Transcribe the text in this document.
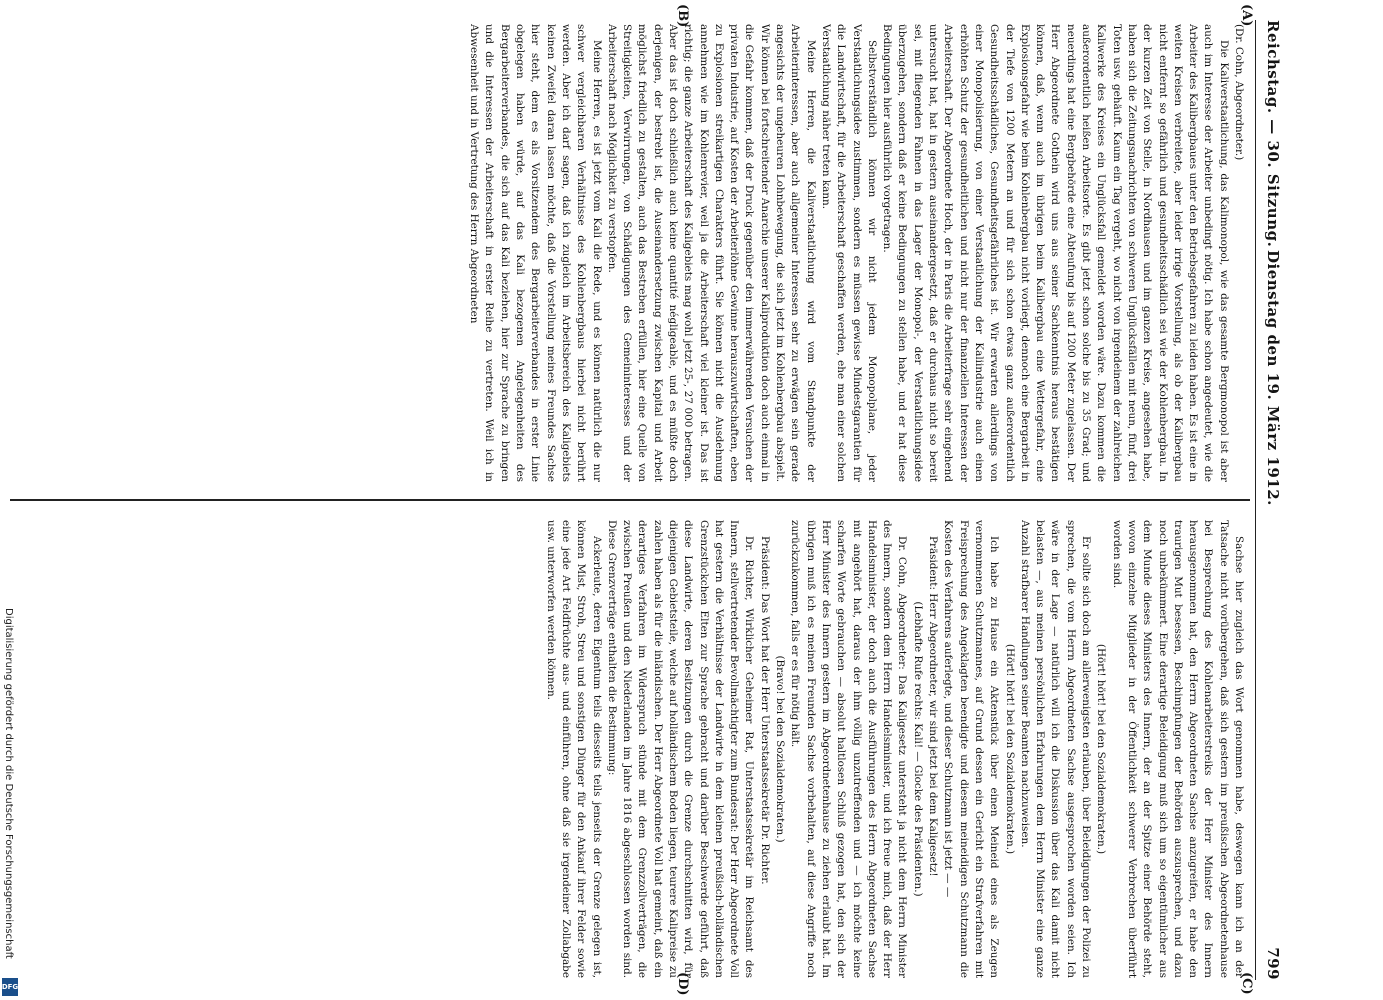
Reichstag. — 30. Sitzung.
Dienstag den 19. März 1912.
799

(Dr. Cohn, Abgeordneter.)

Die Kaliverstaatlichung, das Kalimonopol, wie das gesamte Bergmonopol ist aber auch im Interesse der Arbeiter unbedingt nötig. Ich habe schon angedeutet, wie die Arbeiter des Kalibergbaues unter den Betriebsgefahren zu leiden haben. Es ist eine in weiten Kreisen verbreitete, aber leider irrige Vorstellung, als ob der Kalibergbau nicht entfernt so gefährlich und gesundheitsschädlich sei wie der Kohlenbergbau. In der kurzen Zeit von Stelle, in Nordhausen und im ganzen Kreise, angesehen habe, haben sich die Zeitungsnachrichten von schweren Unglücksfällen mit neun, fünf, drei Toten usw. gehäuft. Kaum ein Tag vergeht, wo nicht von irgendeinem der zahlreichen Kaliwerke des Kreises ein Unglücksfall gemeldet worden wäre. Dazu kommen die außerordentlich heißen Arbeitsorte. Es gibt jetzt schon solche bis zu 35 Grad; und neuerdings hat eine Bergbehörde eine Abteufung bis auf 1200 Meter zugelassen. Der Herr Abgeordnete Gothein wird uns aus seiner Sachkenntnis heraus bestätigen können, daß, wenn auch im übrigen beim Kalibergbau eine Wettergefahr, eine Explosionsgefahr wie beim Kohlenbergbau nicht vorliegt, dennoch eine Bergarbeit in der Tiefe von 1200 Metern an und für sich schon etwas ganz außerordentlich Gesundheitsschädliches, Gesundheitsgefährliches ist. Wir erwarten allerdings von einer Monopolisierung, von einer Verstaatlichung der Kaliindustrie auch einen erhöhten Schutz der gesundheitlichen und nicht nur der finanziellen Interessen der Arbeiterschaft. Der Abgeordnete Hoch, der in Paris die Arbeiterfrage sehr eingehend untersucht hat, hat in gestern auseinandergesetzt, daß er durchaus nicht so bereit sei, mit fliegenden Fahnen in das Lager der Monopol-, der Verstaatlichungsidee überzugehen, sondern daß er keine Bedingungen zu stellen habe, und er hat diese Bedingungen hier ausführlich vorgetragen.

Selbstverständlich können wir nicht jedem Monopolplane, jeder Verstaatlichungsidee zustimmen, sondern es müssen gewisse Mindestgarantien für die Landwirtschaft, für die Arbeiterschaft geschaffen werden, ehe man einer solchen Verstaatlichung näher treten kann.

Meine Herren, die Kaliverstaatlichung wird vom Standpunkte der Arbeiterinteressen, aber auch allgemeiner Interessen sehr zu erwägen sein gerade angesichts der ungeheuren Lohnbewegung, die sich jetzt im Kohlenbergbau abspielt. Wir können bei fortschreitender Anarchie unserer Kaliproduktion doch auch einmal in die Gefahr kommen, daß der Druck gegenüber den immerwährenden Versuchen der privaten Industrie, auf Kosten der Arbeiterlöhne Gewinne herauszuwirtschaften, eben zu Explosionen streikartigen Charakters führt. Sie können nicht die Ausdehnung annehmen wie im Kohlenrevier, weil ja die Arbeiterschaft viel kleiner ist. Das ist richtig; die ganze Arbeiterschaft des Kaligebiets mag wohl jetzt 25-, 27 000 betragen. Aber das ist doch schließlich auch keine quantité négligeable, und es müßte doch derjenigen, der bestrebt ist, die Auseinandersetzung zwischen Kapital und Arbeit möglichst friedlich zu gestalten, auch das Bestreben erfüllen, hier eine Quelle von Streitigkeiten, Verwirrungen, von Schädigungen des Gemeininteresses und der Arbeiterschaft nach Möglichkeit zu verstopfen.

Meine Herren, es ist jetzt vom Kali die Rede, und es können natürlich die nur schwer vergleichbaren Verhältnisse des Kohlenbergbaus hierbei nicht berührt werden. Aber ich darf sagen, daß ich zugleich im Arbeitsbereich des Kaligebiets keinen Zweifel daran lassen möchte, daß die Vorstellung meines Freundes Sachse hier steht, dem es als Vorsitzendem des Bergarbeiterverbandes in erster Linie obgelegen haben würde, auf das Kali bezogenen Angelegenheiten des Bergarbeiterverbandes, die sich auf das Kali beziehen, hier zur Sprache zu bringen und die Interessen der Arbeiterschaft in erster Reihe zu vertreten. Weil ich in Abwesenheit und in Vertretung des Herrn Abgeordneten

Sachse hier zugleich das Wort genommen habe, deswegen kann ich an der Tatsache nicht vorübergehen, daß sich gestern im preußischen Abgeordnetenhause bei Besprechung des Kohlenarbeiterstreiks der Herr Minister des Innern herausgenommen hat, den Herrn Abgeordneten Sachse anzugreifen, er habe den traurigen Mut besessen, Beschimpfungen der Behörden auszusprechen, und dazu noch unbekümmert. Eine derartige Beleidigung muß sich um so eigentümlicher aus dem Munde dieses Ministers des Innern, der an der Spitze einer Behörde steht, wovon einzelne Mitglieder in der Öffentlichkeit schwerer Verbrechen überführt worden sind.

(Hört! hört! bei den Sozialdemokraten.)

Er sollte sich doch am allerwenigsten erlauben, über Beleidigungen der Polizei zu sprechen, die vom Herrn Abgeordneten Sachse ausgesprochen worden seien. Ich wäre in der Lage — natürlich will ich die Diskussion über das Kali damit nicht belasten —, aus meinen persönlichen Erfahrungen dem Herrn Minister eine ganze Anzahl strafbarer Handlungen seiner Beamten nachzuweisen.

(Hört! hört! bei den Sozialdemokraten.)

Ich habe zu Hause ein Aktenstück über einen Meineid eines als Zeugen vernommenen Schutzmannes, auf Grund dessen ein Gericht ein Strafverfahren mit Freisprechung des Angeklagten beendigte und diesem meineidigen Schutzmann die Kosten des Verfahrens auferlegte, und dieser Schutzmann ist jetzt — —

Präsident: Herr Abgeordneter, wir sind jetzt bei dem Kaligesetz!

(Lebhafte Rufe rechts: Kali! — Glocke des Präsidenten.)

Dr. Cohn, Abgeordneter: Das Kaligesetz untersteht ja nicht dem Herrn Minister des Innern, sondern dem Herrn Handelsminister, und ich freue mich, daß der Herr Handelsminister, der doch auch die Ausführungen des Herrn Abgeordneten Sachse mit angehört hat, daraus der ihm völlig unzutreffenden und — ich möchte keine scharfen Worte gebrauchen — absolut haltlosen Schluß gezogen hat, den sich der Herr Minister des Innern gestern im Abgeordnetenhause zu ziehen erlaubt hat. Im übrigen muß ich es meinen Freunden Sachse vorbehalten, auf diese Angriffe noch zurückzukommen, falls er es für nötig hält.

(Bravo! bei den Sozialdemokraten.)

Präsident: Das Wort hat der Herr Unterstaatssekretär Dr. Richter.

Dr. Richter, Wirklicher Geheimer Rat, Unterstaatssekretär im Reichsamt des Innern, stellvertretender Bevollmächtigter zum Bundesrat: Der Herr Abgeordnete Voll hat gestern die Verhältnisse der Landwirte in dem kleinen preußisch-holländischen Grenzstückchen Elten zur Sprache gebracht und darüber Beschwerde geführt, daß diese Landwirte, deren Besitzungen durch die Grenze durchschnitten wird, für diejenigen Gebietsteile, welche auf holländischem Boden liegen, teurere Kalipreise zu zahlen haben als für die inländischen. Der Herr Abgeordnete Voll hat gemeint, daß ein derartiges Verfahren im Widerspruch stünde mit dem Grenzzollverträgen, die zwischen Preußen und den Niederlanden im Jahre 1816 abgeschlossen worden sind. Diese Grenzverträge enthalten die Bestimmung:

Ackerleute, deren Eigentum teils diesseits teils jenseits der Grenze gelegen ist, können Mist, Stroh, Streu und sonstigen Dünger für den Ankauf ihrer Felder sowie eine jede Art Feldfrüchte aus- und einführen, ohne daß sie irgendeiner Zollabgabe usw. unterworfen werden können.

(A)
(B)
(C)
(D)
Digitalisierung gefördert durch die Deutsche Forschungsgemeinschaft
DFG
